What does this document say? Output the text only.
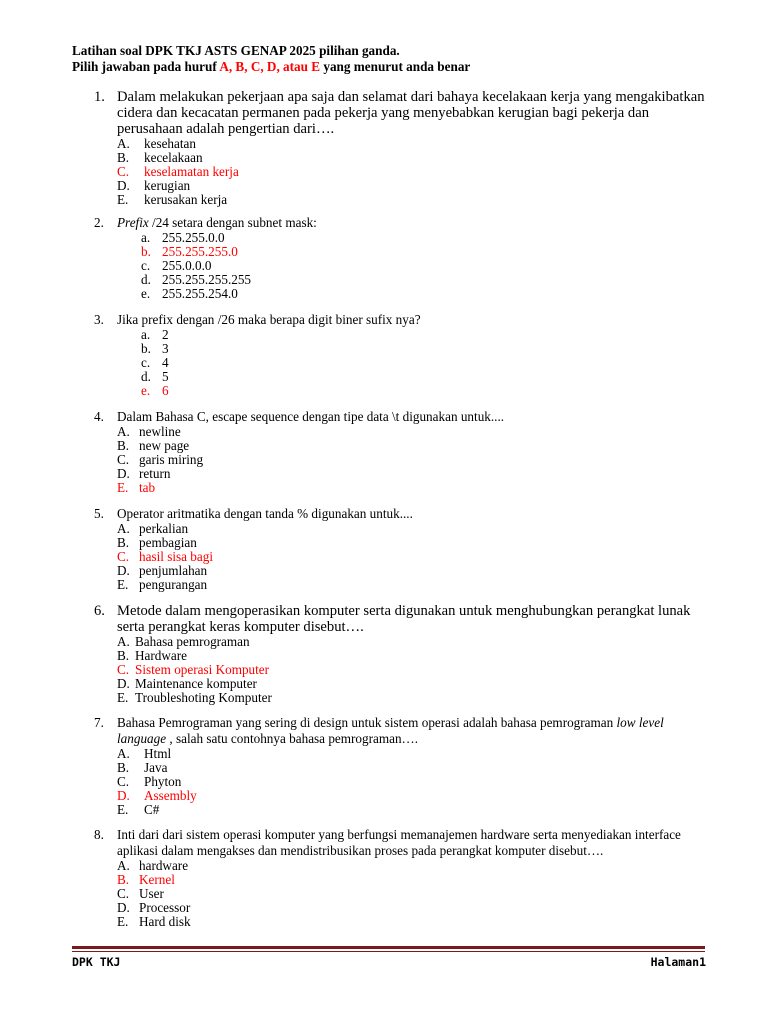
Latihan soal DPK TKJ ASTS GENAP 2025 pilihan ganda.
Pilih jawaban pada huruf A, B, C, D, atau E yang menurut anda benar
1. Dalam melakukan pekerjaan apa saja dan selamat dari bahaya kecelakaan kerja yang mengakibatkan cidera dan kecacatan permanen pada pekerja yang menyebabkan kerugian bagi pekerja dan perusahaan adalah pengertian dari….
A.	kesehatan
B.	kecelakaan
C.	keselamatan kerja
D.	kerugian
E.	kerusakan kerja
2. Prefix /24 setara dengan subnet mask:
a. 255.255.0.0
b. 255.255.255.0
c. 255.0.0.0
d. 255.255.255.255
e. 255.255.254.0
3. Jika prefix dengan /26 maka berapa digit biner sufix nya?
a. 2
b. 3
c. 4
d. 5
e. 6
4. Dalam Bahasa C, escape sequence dengan tipe data \t digunakan untuk....
A. newline
B. new page
C. garis miring
D. return
E. tab
5. Operator aritmatika dengan tanda % digunakan untuk....
A. perkalian
B. pembagian
C. hasil sisa bagi
D. penjumlahan
E. pengurangan
6. Metode dalam mengoperasikan komputer serta digunakan untuk menghubungkan perangkat lunak serta perangkat keras komputer disebut….
A. Bahasa pemrograman
B. Hardware
C. Sistem operasi Komputer
D. Maintenance komputer
E. Troubleshoting Komputer
7. Bahasa Pemrograman yang sering di design untuk sistem operasi adalah bahasa pemrograman low level language , salah satu contohnya bahasa pemrograman….
A.	Html
B.	Java
C.	Phyton
D.	Assembly
E.	C#
8. Inti dari dari sistem operasi komputer yang berfungsi memanajemen hardware serta menyediakan interface aplikasi dalam mengakses dan mendistribusikan proses pada perangkat komputer disebut….
A. hardware
B. Kernel
C. User
D. Processor
E. Hard disk
DPK TKJ	Halaman1
